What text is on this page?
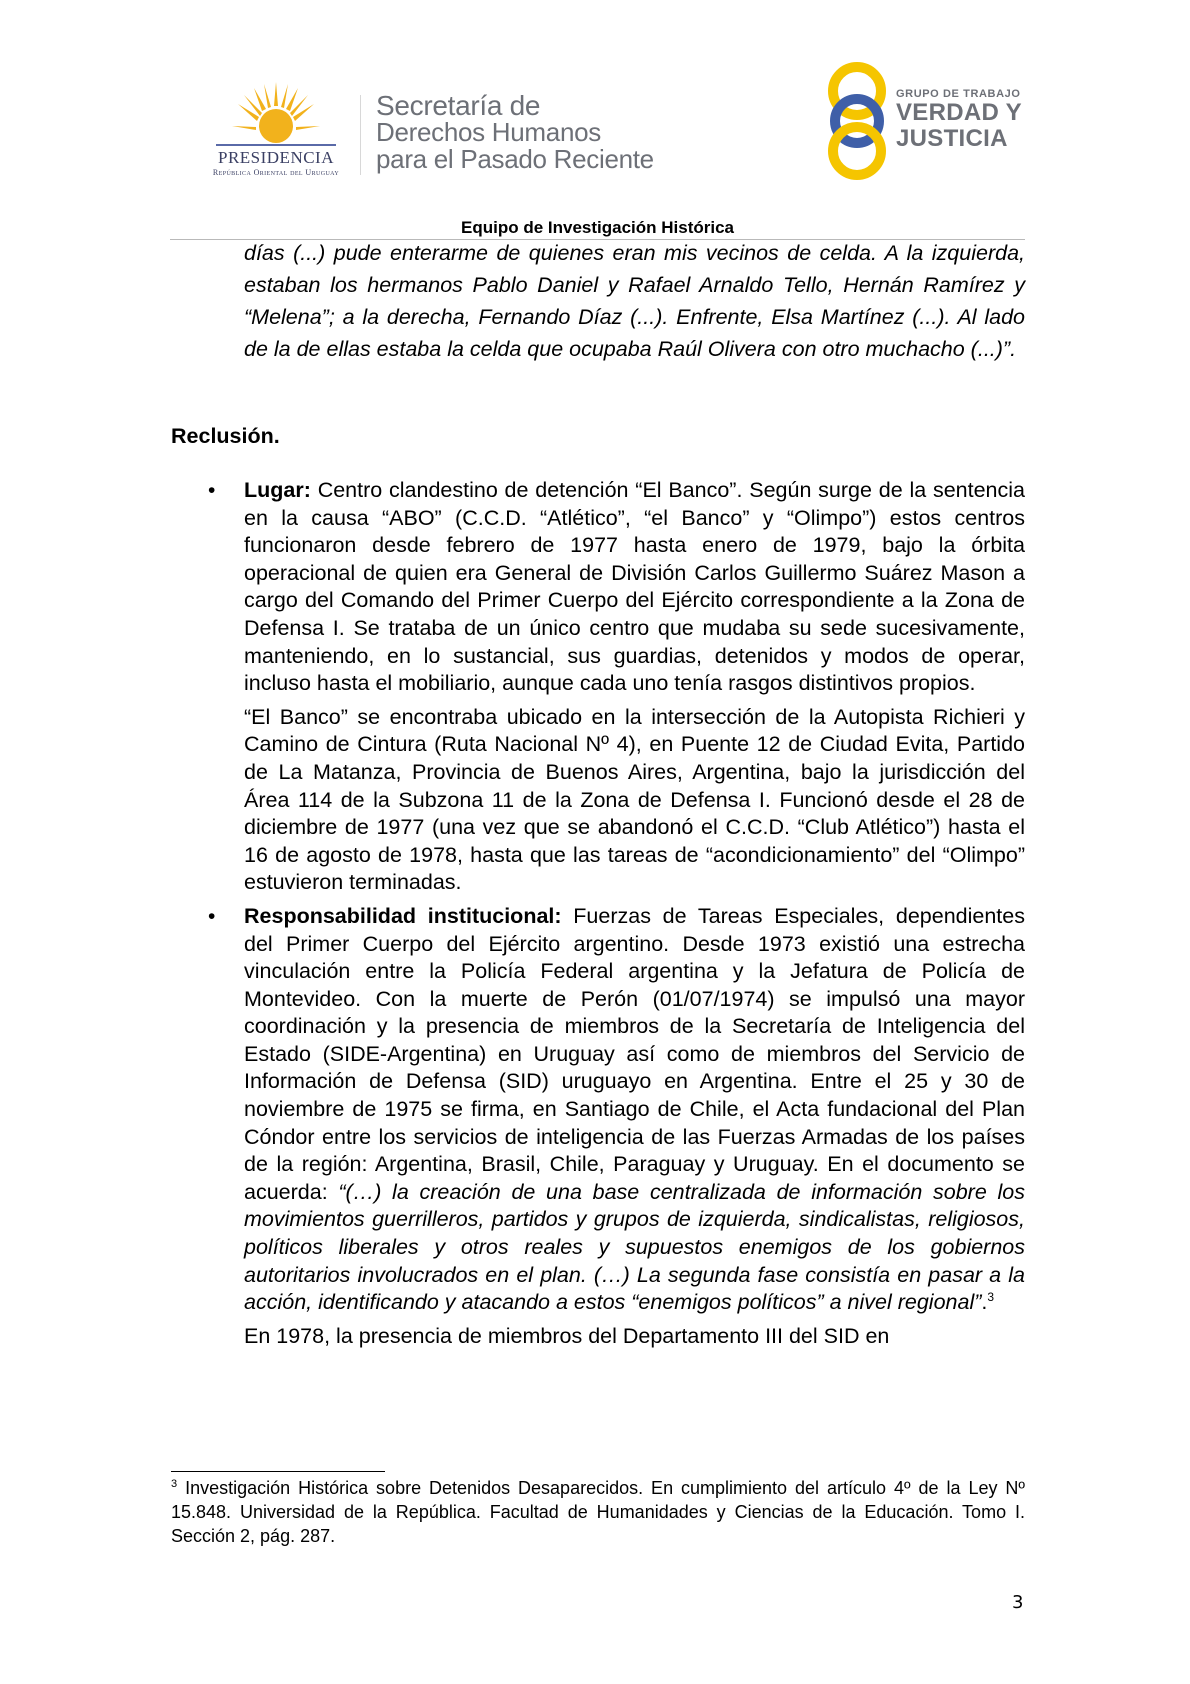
PRESIDENCIA
República Oriental del Uruguay
Secretaría de
Derechos Humanos
para el Pasado Reciente
GRUPO DE TRABAJO
VERDAD Y
JUSTICIA
Equipo de Investigación Histórica

días (...) pude enterarme de quienes eran mis vecinos de celda. A la izquierda, estaban los hermanos Pablo Daniel y Rafael Arnaldo Tello, Hernán Ramírez y “Melena”; a la derecha, Fernando Díaz (...). Enfrente, Elsa Martínez (...). Al lado de la de ellas estaba la celda que ocupaba Raúl Olivera con otro muchacho (...)”.

Reclusión.
• Lugar: Centro clandestino de detención “El Banco”. Según surge de la sentencia en la causa “ABO” (C.C.D. “Atlético”, “el Banco” y “Olimpo”) estos centros funcionaron desde febrero de 1977 hasta enero de 1979, bajo la órbita operacional de quien era General de División Carlos Guillermo Suárez Mason a cargo del Comando del Primer Cuerpo del Ejército correspondiente a la Zona de Defensa I. Se trataba de un único centro que mudaba su sede sucesivamente, manteniendo, en lo sustancial, sus guardias, detenidos y modos de operar, incluso hasta el mobiliario, aunque cada uno tenía rasgos distintivos propios.

“El Banco” se encontraba ubicado en la intersección de la Autopista Richieri y Camino de Cintura (Ruta Nacional Nº 4), en Puente 12 de Ciudad Evita, Partido de La Matanza, Provincia de Buenos Aires, Argentina, bajo la jurisdicción del Área 114 de la Subzona 11 de la Zona de Defensa I. Funcionó desde el 28 de diciembre de 1977 (una vez que se abandonó el C.C.D. “Club Atlético”) hasta el 16 de agosto de 1978, hasta que las tareas de “acondicionamiento” del “Olimpo” estuvieron terminadas.

• Responsabilidad institucional: Fuerzas de Tareas Especiales, dependientes del Primer Cuerpo del Ejército argentino. Desde 1973 existió una estrecha vinculación entre la Policía Federal argentina y la Jefatura de Policía de Montevideo. Con la muerte de Perón (01/07/1974) se impulsó una mayor coordinación y la presencia de miembros de la Secretaría de Inteligencia del Estado (SIDE-Argentina) en Uruguay así como de miembros del Servicio de Información de Defensa (SID) uruguayo en Argentina. Entre el 25 y 30 de noviembre de 1975 se firma, en Santiago de Chile, el Acta fundacional del Plan Cóndor entre los servicios de inteligencia de las Fuerzas Armadas de los países de la región: Argentina, Brasil, Chile, Paraguay y Uruguay. En el documento se acuerda: “(…) la creación de una base centralizada de información sobre los movimientos guerrilleros, partidos y grupos de izquierda, sindicalistas, religiosos, políticos liberales y otros reales y supuestos enemigos de los gobiernos autoritarios involucrados en el plan. (…) La segunda fase consistía en pasar a la acción, identificando y atacando a estos “enemigos políticos” a nivel regional”.$^3$

En 1978, la presencia de miembros del Departamento III del SID en

$^3$ Investigación Histórica sobre Detenidos Desaparecidos. En cumplimiento del artículo 4º de la Ley Nº 15.848. Universidad de la República. Facultad de Humanidades y Ciencias de la Educación. Tomo I. Sección 2, pág. 287.
3
